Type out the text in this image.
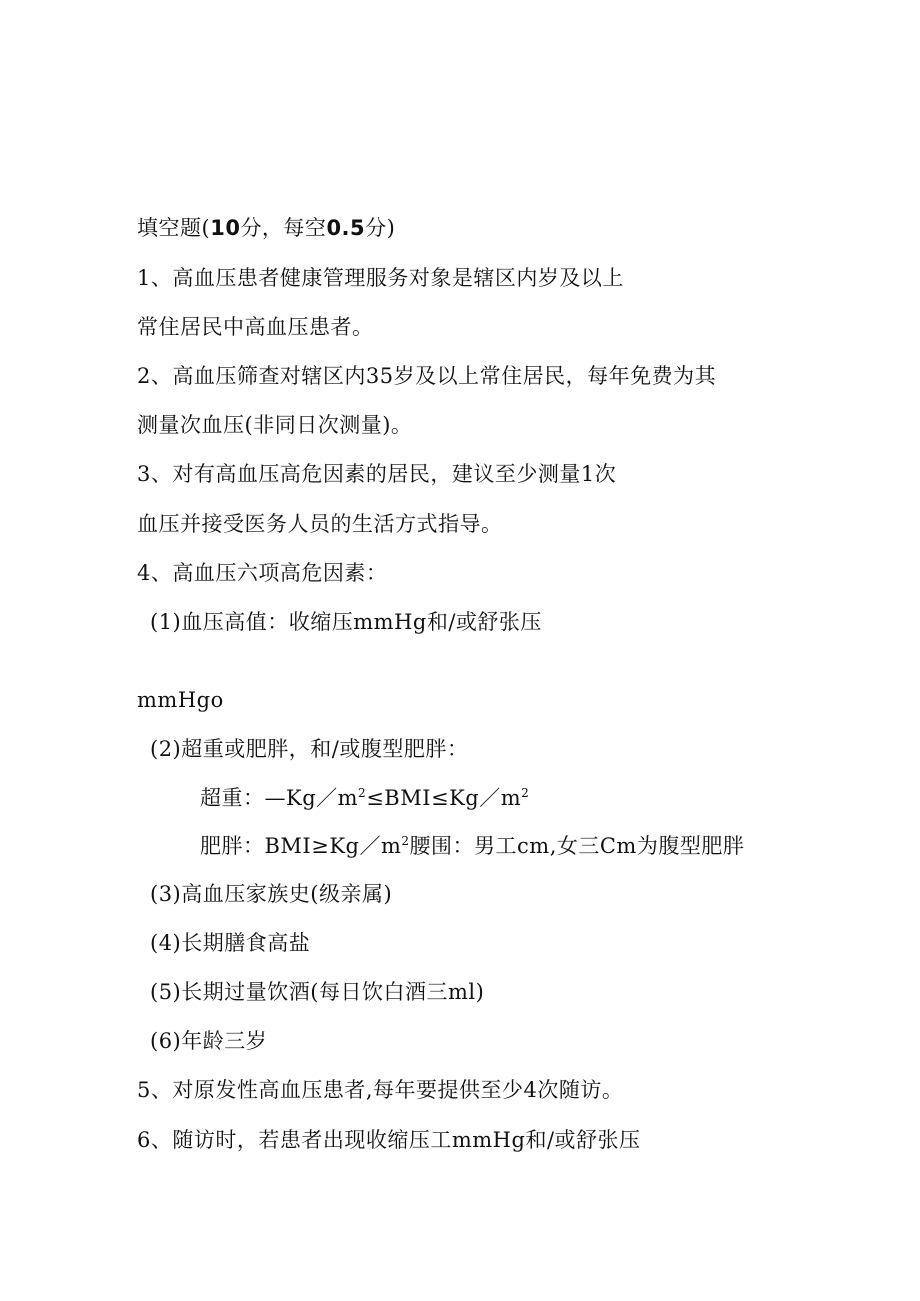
填空题(10分，每空0.5分)
1、高血压患者健康管理服务对象是辖区内岁及以上
常住居民中高血压患者。
2、高血压筛查对辖区内35岁及以上常住居民，每年免费为其
测量次血压(非同日次测量)。
3、对有高血压高危因素的居民，建议至少测量1次
血压并接受医务人员的生活方式指导。
4、高血压六项高危因素：
(1)血压高值：收缩压mmHg和/或舒张压
mmHgo
(2)超重或肥胖，和/或腹型肥胖：
超重：$—Kg/m^2\le BMI\le Kg/m^2$
肥胖：$BMI\ge Kg/m^2$腰围：男工cm,女三Cm为腹型肥胖
(3)高血压家族史(级亲属)
(4)长期膳食高盐
(5)长期过量饮酒(每日饮白酒三ml)
(6)年龄三岁
5、对原发性高血压患者,每年要提供至少4次随访。
6、随访时，若患者出现收缩压工mmHg和/或舒张压
